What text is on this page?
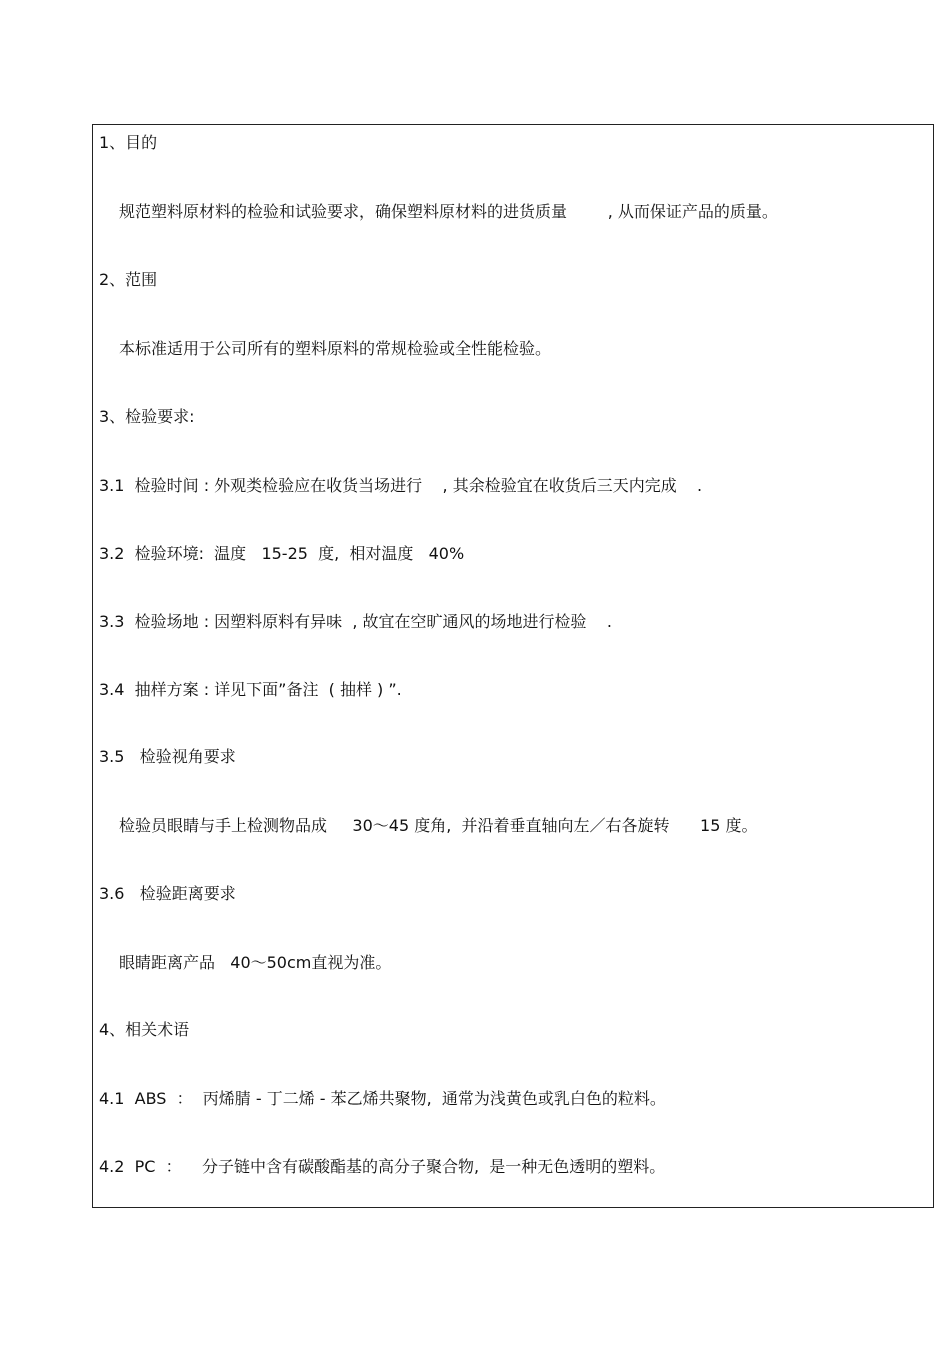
1、目的
规范塑料原材料的检验和试验要求，确保塑料原材料的进货质量        , 从而保证产品的质量。
2、范围
本标准适用于公司所有的塑料原料的常规检验或全性能检验。
3、检验要求:
3.1  检验时间 : 外观类检验应在收货当场进行    , 其余检验宜在收货后三天内完成    .
3.2  检验环境:  温度   15-25  度,  相对温度   40%
3.3  检验场地 : 因塑料原料有异味  , 故宜在空旷通风的场地进行检验    .
3.4  抽样方案 : 详见下面”备注  ( 抽样 ) ”.
3.5   检验视角要求
检验员眼睛与手上检测物品成     30～45 度角,  并沿着垂直轴向左／右各旋转      15 度。
3.6   检验距离要求
眼睛距离产品   40～50cm直视为准。
4、相关术语
4.1  ABS  ：  丙烯腈 - 丁二烯 - 苯乙烯共聚物,  通常为浅黄色或乳白色的粒料。
4.2  PC  ：    分子链中含有碳酸酯基的高分子聚合物,  是一种无色透明的塑料。
